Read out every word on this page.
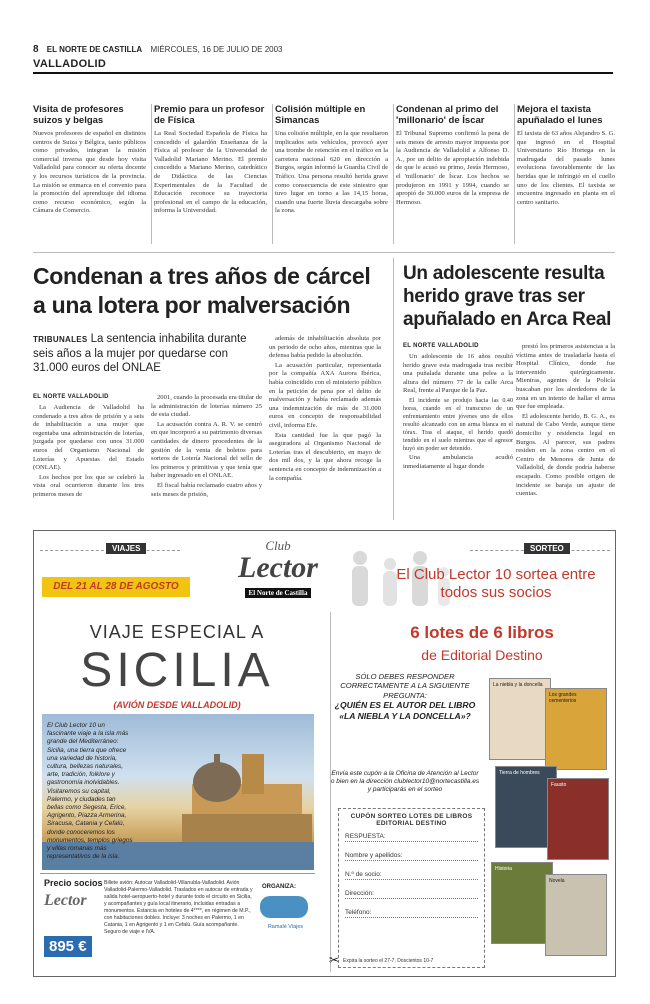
8 EL NORTE DE CASTILLA MIÉRCOLES, 16 DE JULIO DE 2003
VALLADOLID
Visita de profesores suizos y belgas

Nuevos profesores de español en distintos centros de Suiza y Bélgica, tanto públicos como privados, integran la misión comercial inversa que desde hoy visita Valladolid para conocer su oferta docente y los recursos turísticos de la provincia. La misión se enmarca en el convenio para la promoción del aprendizaje del idioma como recurso económico, según la Cámara de Comercio.

Premio para un profesor de Física

La Real Sociedad Española de Física ha concedido el galardón Enseñanza de la Física al profesor de la Universidad de Valladolid Mariano Merino. El premio concedido a Mariano Merino, catedrático de Didáctica de las Ciencias Experimentales de la Facultad de Educación reconoce su trayectoria profesional en el campo de la educación, informa la Universidad.

Colisión múltiple en Simancas

Una colisión múltiple, en la que resultaron implicados seis vehículos, provocó ayer una trombe de retención en el tráfico en la carretera nacional 620 en dirección a Burgos, según informó la Guardia Civil de Tráfico. Una persona resultó herida grave como consecuencia de este siniestro que tuvo lugar en torno a las 14,15 horas, cuando una fuerte lluvia descargaba sobre la zona.

Condenan al primo del 'millonario' de Íscar

El Tribunal Supremo confirmó la pena de seis meses de arresto mayor impuesta por la Audiencia de Valladolid a Alfonso D. A., por un delito de apropiación indebida de que le acusó su primo, Jesús Hermoso, el 'millonario' de Íscar. Los hechos se produjeron en 1991 y 1994, cuando se apropió de 30.000 euros de la empresa de Hermoso.

Mejora el taxista apuñalado el lunes

El taxista de 63 años Alejandro S. G. que ingresó en el Hospital Universitario Río Hortega en la madrugada del pasado lunes evoluciona favorablemente de las heridas que le infringió en el cuello uno de los clientes. El taxista se encuentra ingresado en planta en el centro sanitario.

Condenan a tres años de cárcel a una lotera por malversación
TRIBUNALES La sentencia inhabilita durante seis años a la mujer por quedarse con 31.000 euros del ONLAE
EL NORTE VALLADOLID

La Audiencia de Valladolid ha condenado a tres años de prisión y a seis de inhabilitación a una mujer que regentaba una administración de loterías, juzgada por quedarse con unos 31.000 euros del Organismo Nacional de Loterías y Apuestas del Estado (ONLAE).

Los hechos por los que se celebró la vista oral ocurrieron durante los tres primeros meses de

2001, cuando la procesada era titular de la administración de loterías número 25 de esta ciudad.

La acusación contra A. R. V. se centró en que incorporó a su patrimonio diversas cantidades de dinero procedentes de la gestión de la venta de boletos para sorteos de Lotería Nacional del sello de los primeros y primitivas y que tenía que haber ingresado en el ONLAE.

El fiscal había reclamado cuatro años y seis meses de prisión,

además de inhabilitación absoluta por un periodo de ocho años, mientras que la defensa había pedido la absolución.

La acusación particular, representada por la compañía AXA Aurora Ibérica, había coincidido con el ministerio público en la petición de pena por el delito de malversación y había reclamado además una indemnización de más de 31.000 euros en concepto de responsabilidad civil, informa Efe.

Esta cantidad fue la que pagó la aseguradora al Organismo Nacional de Loterías tras el descubierto, en mayo de dos mil dos, y la que ahora recoge la sentencia en concepto de indemnización a la compañía.

Un adolescente resulta herido grave tras ser apuñalado en Arca Real
EL NORTE VALLADOLID

Un adolescente de 16 años resultó herido grave esta madrugada tras recibir una puñalada durante una pelea a la altura del número 77 de la calle Arca Real, frente al Parque de la Paz.

El incidente se produjo hacia las 0.40 horas, cuando en el transcurso de un enfrentamiento entre jóvenes uno de ellos resultó alcanzado con un arma blanca en el tórax. Tras el ataque, el herido quedó tendido en el suelo mientras que el agresor huyó sin poder ser detenido.

Una ambulancia acudió inmediatamente al lugar donde

prestó los primeros asistencias a la víctima antes de trasladarla hasta el Hospital Clínico, donde fue intervenido quirúrgicamente. Mientras, agentes de la Policía buscaban por los alrededores de la zona en un intento de hallar el arma que fue empleada.

El adolescente herido, B. G. A., es natural de Cabo Verde, aunque tiene domicilio y residencia legal en Burgos. Al parecer, sus padres residen en la zona centro en el Centro de Menores de Junta de Valladolid, de donde podría haberse escapado. Como posible origen de incidente se baraja un ajuste de cuentas.

VIAJES	SORTEO
Club
Lector
El Norte de Castilla
DEL 21 AL 28 DE AGOSTO
VIAJE ESPECIAL A
SICILIA
(AVIÓN DESDE VALLADOLID)
El Club Lector 10 un fascinante viaje a la isla más grande del Mediterráneo: Sicilia, una tierra que ofrece una variedad de historia, cultura, bellezas naturales, arte, tradición, folklore y gastronomía inolvidables. Visitaremos su capital, Palermo, y ciudades tan bellas como Segesta, Erice, Agrigento, Piazza Armerina, Siracusa, Catania y Cefalù, donde conoceremos los monumentos, templos griegos y villas romanas más representativos de la isla.
Precio socios
Lector
895 €
Billete avión: Autocar Valladolid-Villanubla-Valladolid. Avión Valladolid-Palermo-Valladolid. Traslados en autocar de entrada y salida hotel-aeropuerto-hotel y durante todo el circuito en Sicilia, y acompañantes y guía local itinerario, incluidas entradas a monumentos. Estancia en hoteles de 4****, en régimen de M.P., con habitaciones dobles. Incluye: 3 noches en Palermo, 1 en Catania, 1 en Agrigento y 1 en Cefalù. Guía acompañante. Seguro de viaje e IVA.
ORGANIZA:
Ramalé Viajes
El Club Lector 10 sortea entre todos sus socios
6 lotes de 6 libros
de Editorial Destino
SÓLO DEBES RESPONDER CORRECTAMENTE A LA SIGUIENTE PREGUNTA:
¿QUIÉN ES EL AUTOR DEL LIBRO «LA NIEBLA Y LA DONCELLA»?
Envía este cupón a la Oficina de Atención al Lector o bien en la dirección clublector10@nortecastilla.es y participarás en el sorteo
CUPÓN SORTEO LOTES DE LIBROS EDITORIAL DESTINO
RESPUESTA:
Nombre y apellidos:
N.º de socio:
Dirección:
Teléfono:
Expira la sorteo el 27-7. Doscientos 10-7
✂
La niebla y la doncella
Los grandes cementerios
Tierra de hombres
Fausto
Historia
Novela
